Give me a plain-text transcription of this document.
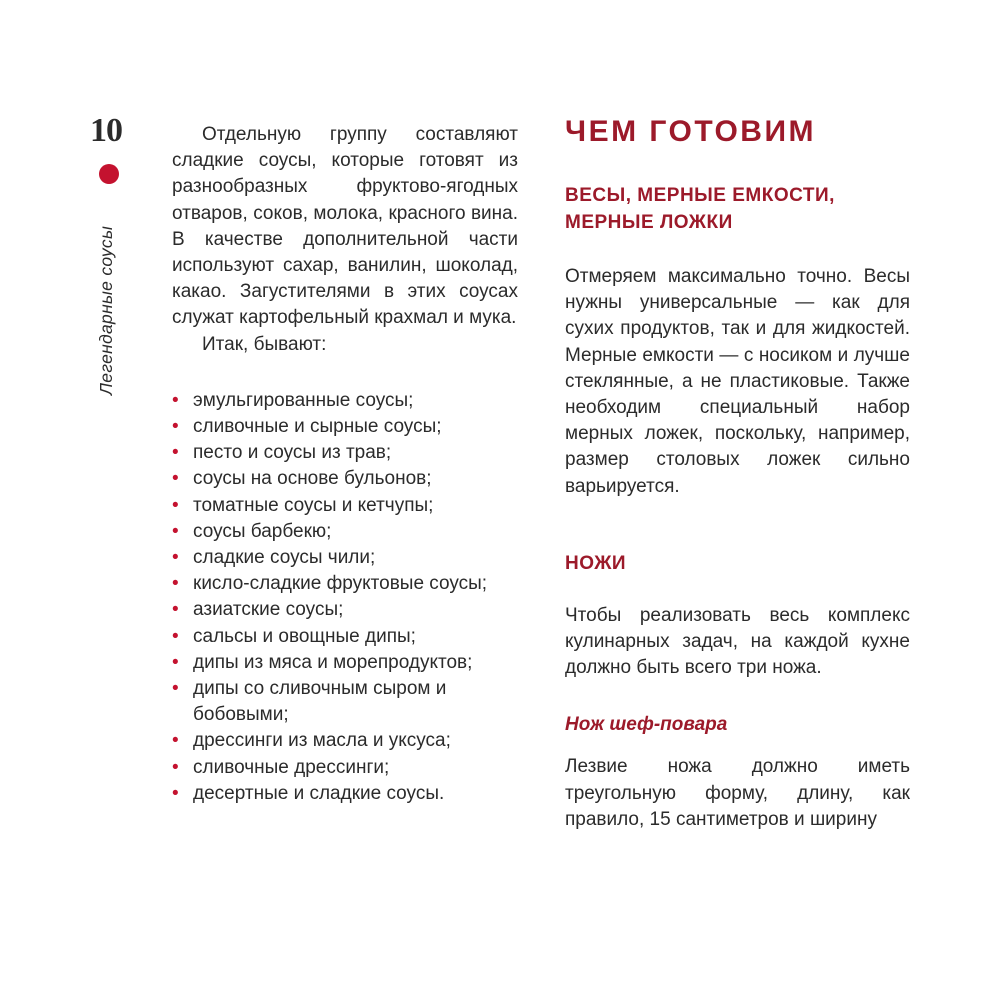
10
Легендарные соусы

Отдельную группу составляют сладкие соусы, которые готовят из разнообразных фруктово-ягодных отваров, соков, молока, красного вина. В качестве дополнительной части используют сахар, ванилин, шоколад, какао. Загустителями в этих соусах служат картофельный крахмал и мука.

Итак, бывают:

• эмульгированные соусы;
• сливочные и сырные соусы;
• песто и соусы из трав;
• соусы на основе бульонов;
• томатные соусы и кетчупы;
• соусы барбекю;
• сладкие соусы чили;
• кисло-сладкие фруктовые соусы;
• азиатские соусы;
• сальсы и овощные дипы;
• дипы из мяса и морепродуктов;
• дипы со сливочным сыром и бобовыми;
• дрессинги из масла и уксуса;
• сливочные дрессинги;
• десертные и сладкие соусы.
ЧЕМ ГОТОВИМ
ВЕСЫ, МЕРНЫЕ ЕМКОСТИ, МЕРНЫЕ ЛОЖКИ

Отмеряем максимально точно. Весы нужны универсальные — как для сухих продуктов, так и для жидкостей. Мерные емкости — с носиком и лучше стеклянные, а не пластиковые. Также необходим специальный набор мерных ложек, поскольку, например, размер столовых ложек сильно варьируется.

НОЖИ

Чтобы реализовать весь комплекс кулинарных задач, на каждой кухне должно быть всего три ножа.

Нож шеф-повара

Лезвие ножа должно иметь треугольную форму, длину, как правило, 15 сантиметров и ширину
